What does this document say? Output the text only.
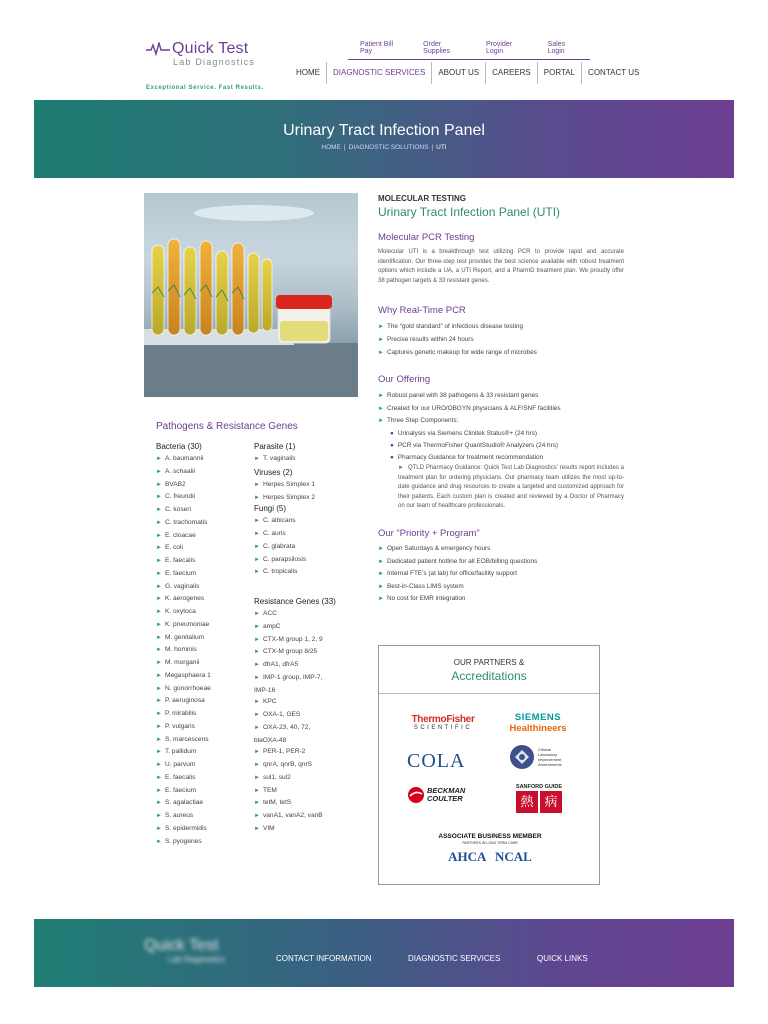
Quick Test
Lab Diagnostics
Exceptional Service. Fast Results.
Patient Bill Pay
Order Supplies
Provider Login
Sales Login
HOME	DIAGNOSTIC SERVICES	ABOUT US	CAREERS	PORTAL	CONTACT US
Urinary Tract Infection Panel
HOME | DIAGNOSTIC SOLUTIONS | UTI
Pathogens & Resistance Genes
Bacteria (30)
► A. baumannii
► A. schaalii
► BVAB2
► C. freundii
► C. koseri
► C. trachomatis
► E. cloacae
► E. coli
► E. faecalis
► E. faecium
► G. vaginalis
► K. aerogenes
► K. oxytoca
► K. pneumoniae
► M. genitalium
► M. hominis
► M. morganii
► Megasphaera 1
► N. gonorrhoeae
► P. aeruginosa
► P. mirabilis
► P. vulgaris
► S. marcescens
► T. pallidum
► U. parvum
► E. faecalis
► E. faecium
► S. agalactiae
► S. aureus
► S. epidermidis
► S. pyogenes
Parasite (1)
► T. vaginalis
Viruses (2)
► Herpes Simplex 1
► Herpes Simplex 2
Fungi (5)
► C. albicans
► C. auris
► C. glabrata
► C. parapsilosis
► C. tropicalis
Resistance Genes (33)
► ACC
► ampC
► CTX-M group 1, 2, 9
► CTX-M group 8/25
► dfrA1, dfrA5
► IMP-1 group, IMP-7,
IMP-16
► KPC
► OXA-1, GES
► OXA-23, 40, 72,
blaOXA-48
► PER-1, PER-2
► qnrA, qnrB, qnrS
► sul1, sul2
► TEM
► tetM, tetS
► vanA1, vanA2, vanB
► VIM
MOLECULAR TESTING
Urinary Tract Infection Panel (UTI)
Molecular PCR Testing

Molecular UTI is a breakthrough test utilizing PCR to provide rapid and accurate identification. Our three-step test provides the best science available with robust treatment options which include a UA, a UTI Report, and a PharmD treatment plan. We proudly offer 38 pathogen targets & 33 resistant genes.

Why Real-Time PCR
► The “gold standard” of infectious disease testing
► Precise results within 24 hours
► Captures genetic makeup for wide range of microbes
Our Offering
► Robust panel with 38 pathogens & 33 resistant genes
► Created for our URO/OBGYN physicians & ALF/SNF facilities
► Three Step Components:
● Urinalysis via Siemens Clinitek Status®+ (24 hrs)
● PCR via ThermoFisher QuantStudio® Analyzers (24 hrs)
● Pharmacy Guidance for treatment recommendation

► QTLD Pharmacy Guidance: Quick Test Lab Diagnostics’ results report includes a treatment plan for ordering physicians. Our pharmacy team utilizes the most up-to-date guidance and drug resources to create a targeted and customized approach for their patients. Each custom plan is created and reviewed by a Doctor of Pharmacy on our team of healthcare professionals.

Our “Priority + Program”
► Open Saturdays & emergency hours
► Dedicated patient hotline for all EOB/billing questions
► Internal FTE’s (at lab) for office/facility support
► Best-in-Class LIMS system
► No cost for EMR integration
OUR PARTNERS &
Accreditations
ThermoFisher
SCIENTIFIC
SIEMENS
Healthineers
COLA
Clinical
Laboratory
Improvement
Amendments
BECKMAN
COULTER
SANFORD GUIDE
熱 病
ASSOCIATE BUSINESS MEMBER
PARTNERS IN LONG TERM CARE
AHCA NCAL
Quick Test
Lab Diagnostics	CONTACT INFORMATION	DIAGNOSTIC SERVICES	QUICK LINKS
